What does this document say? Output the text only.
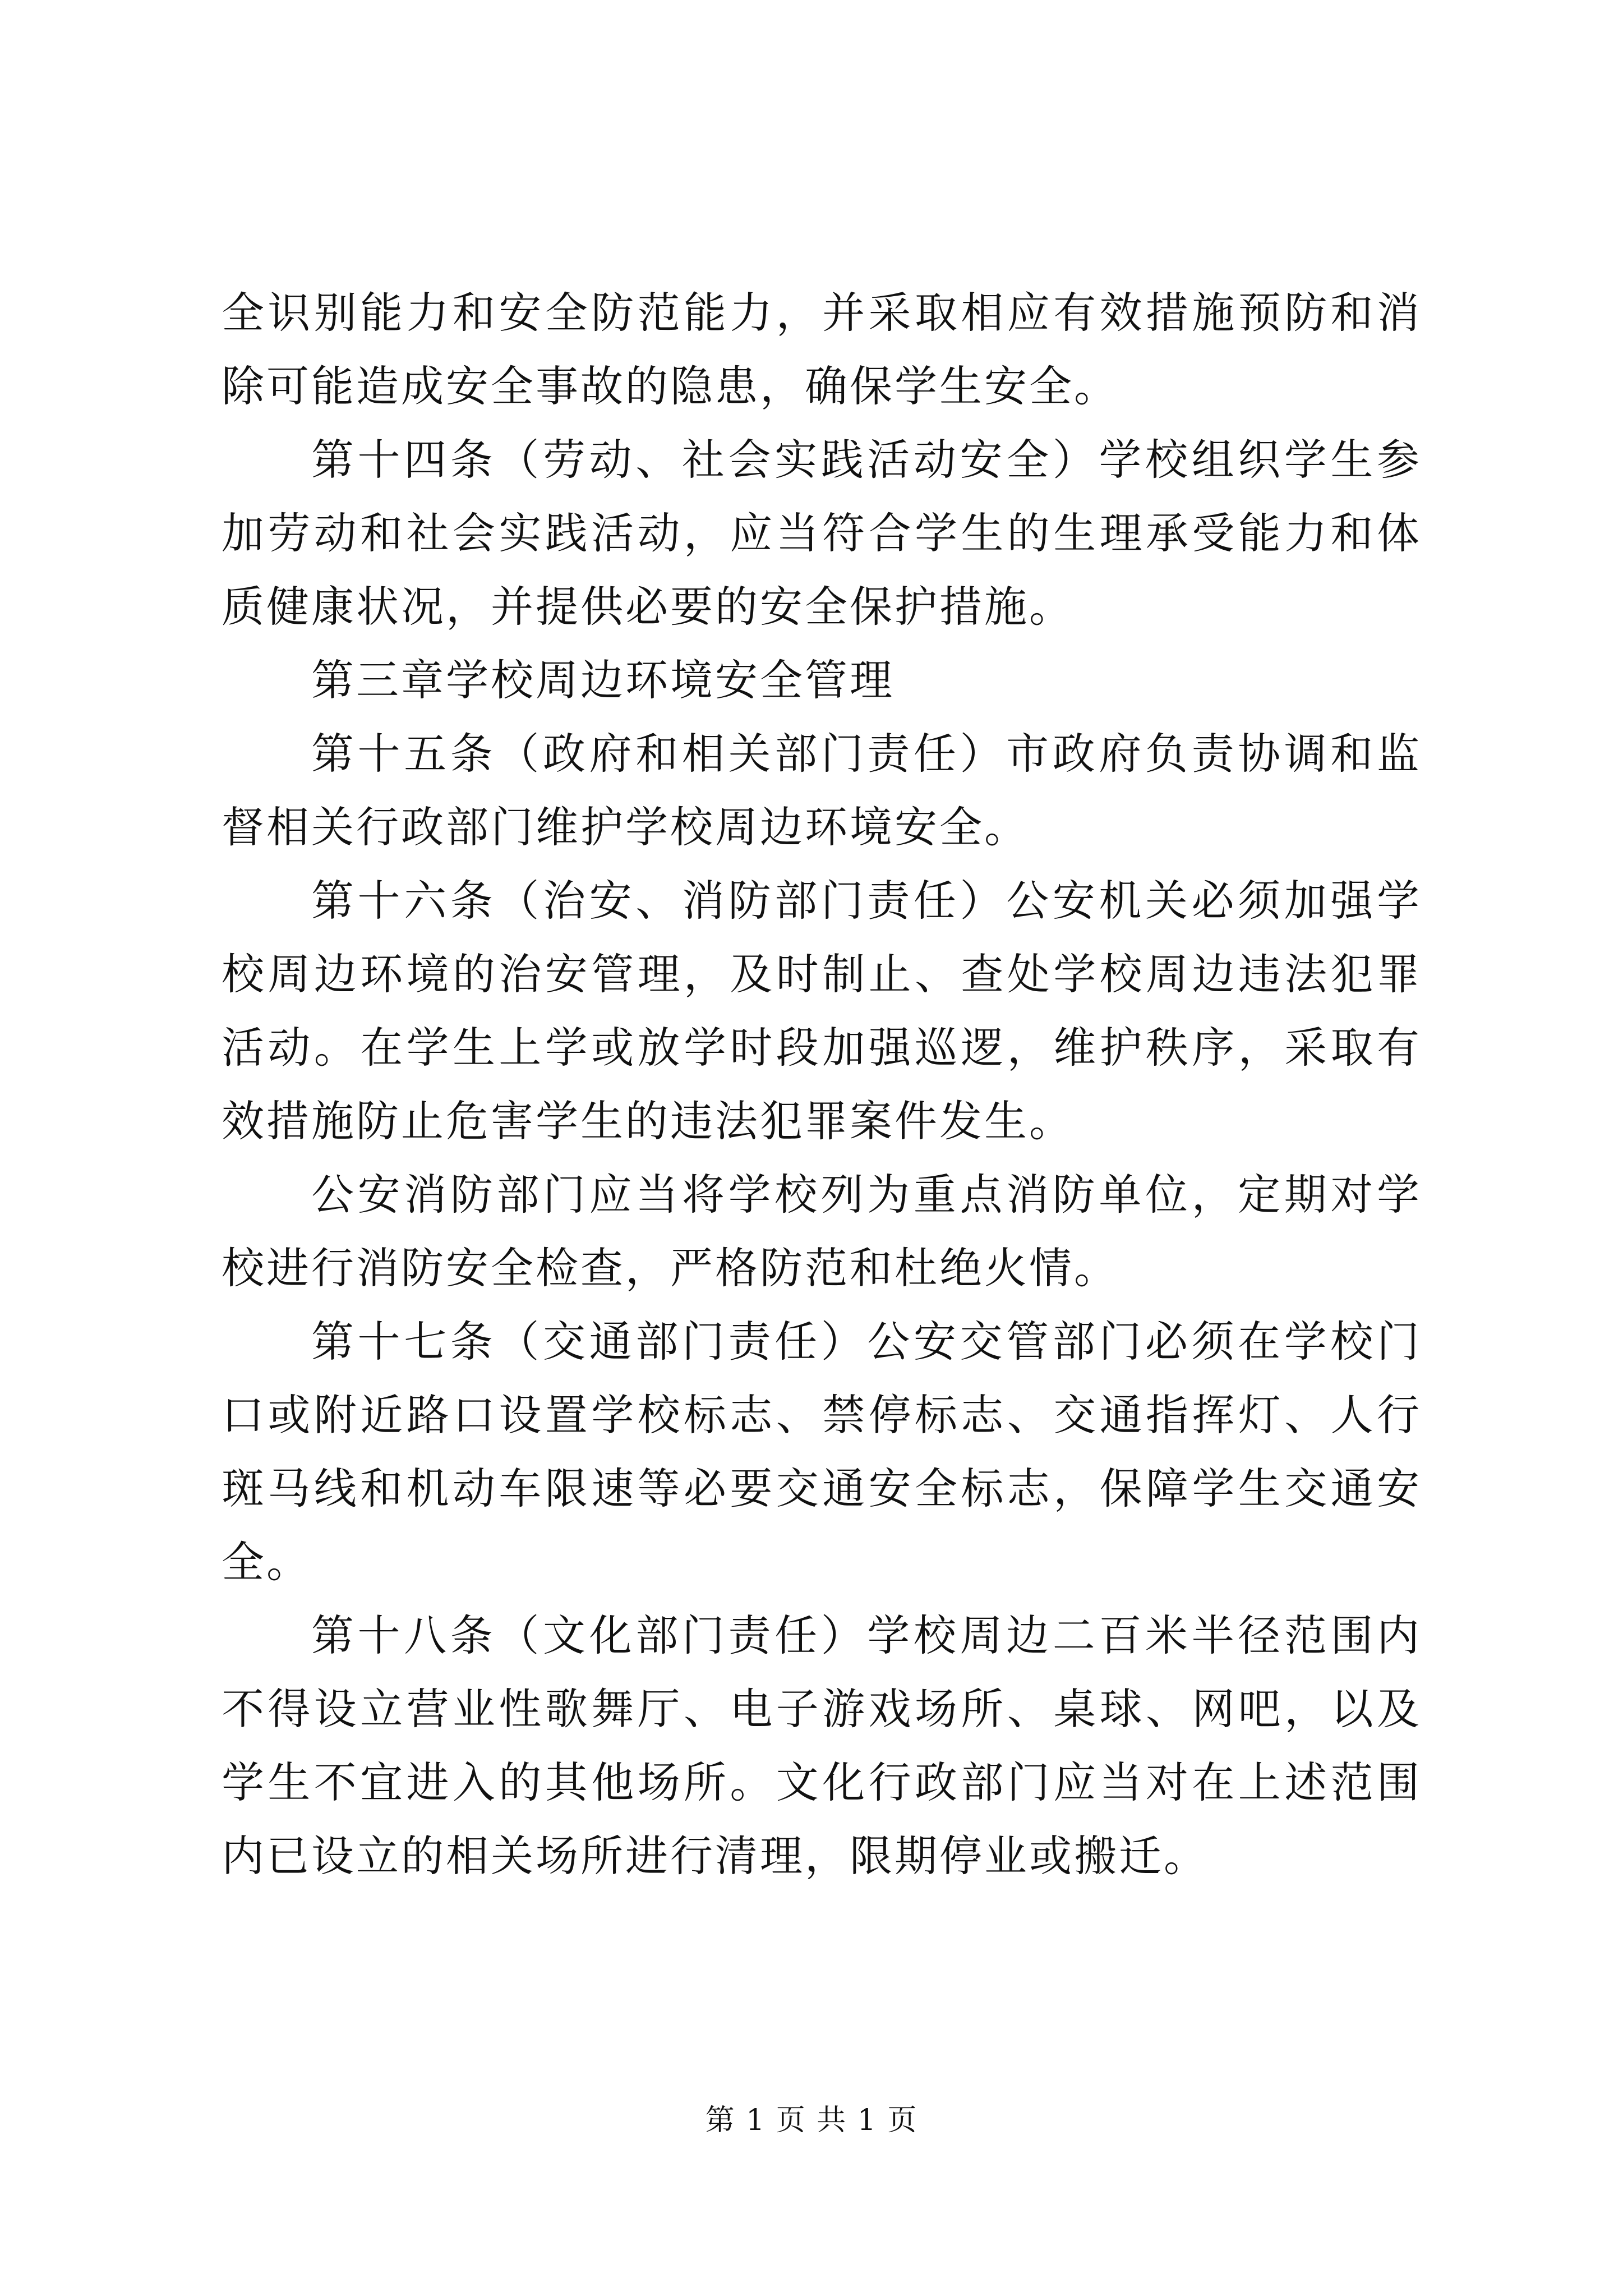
全识别能力和安全防范能力，并采取相应有效措施预防和消除可能造成安全事故的隐患，确保学生安全。

第十四条（劳动、社会实践活动安全）学校组织学生参加劳动和社会实践活动，应当符合学生的生理承受能力和体质健康状况，并提供必要的安全保护措施。

第三章学校周边环境安全管理

第十五条（政府和相关部门责任）市政府负责协调和监督相关行政部门维护学校周边环境安全。

第十六条（治安、消防部门责任）公安机关必须加强学校周边环境的治安管理，及时制止、查处学校周边违法犯罪活动。在学生上学或放学时段加强巡逻，维护秩序，采取有效措施防止危害学生的违法犯罪案件发生。

公安消防部门应当将学校列为重点消防单位，定期对学校进行消防安全检查，严格防范和杜绝火情。

第十七条（交通部门责任）公安交管部门必须在学校门口或附近路口设置学校标志、禁停标志、交通指挥灯、人行斑马线和机动车限速等必要交通安全标志，保障学生交通安全。

第十八条（文化部门责任）学校周边二百米半径范围内不得设立营业性歌舞厅、电子游戏场所、桌球、网吧，以及学生不宜进入的其他场所。文化行政部门应当对在上述范围内已设立的相关场所进行清理，限期停业或搬迁。

第 1 页 共 1 页
